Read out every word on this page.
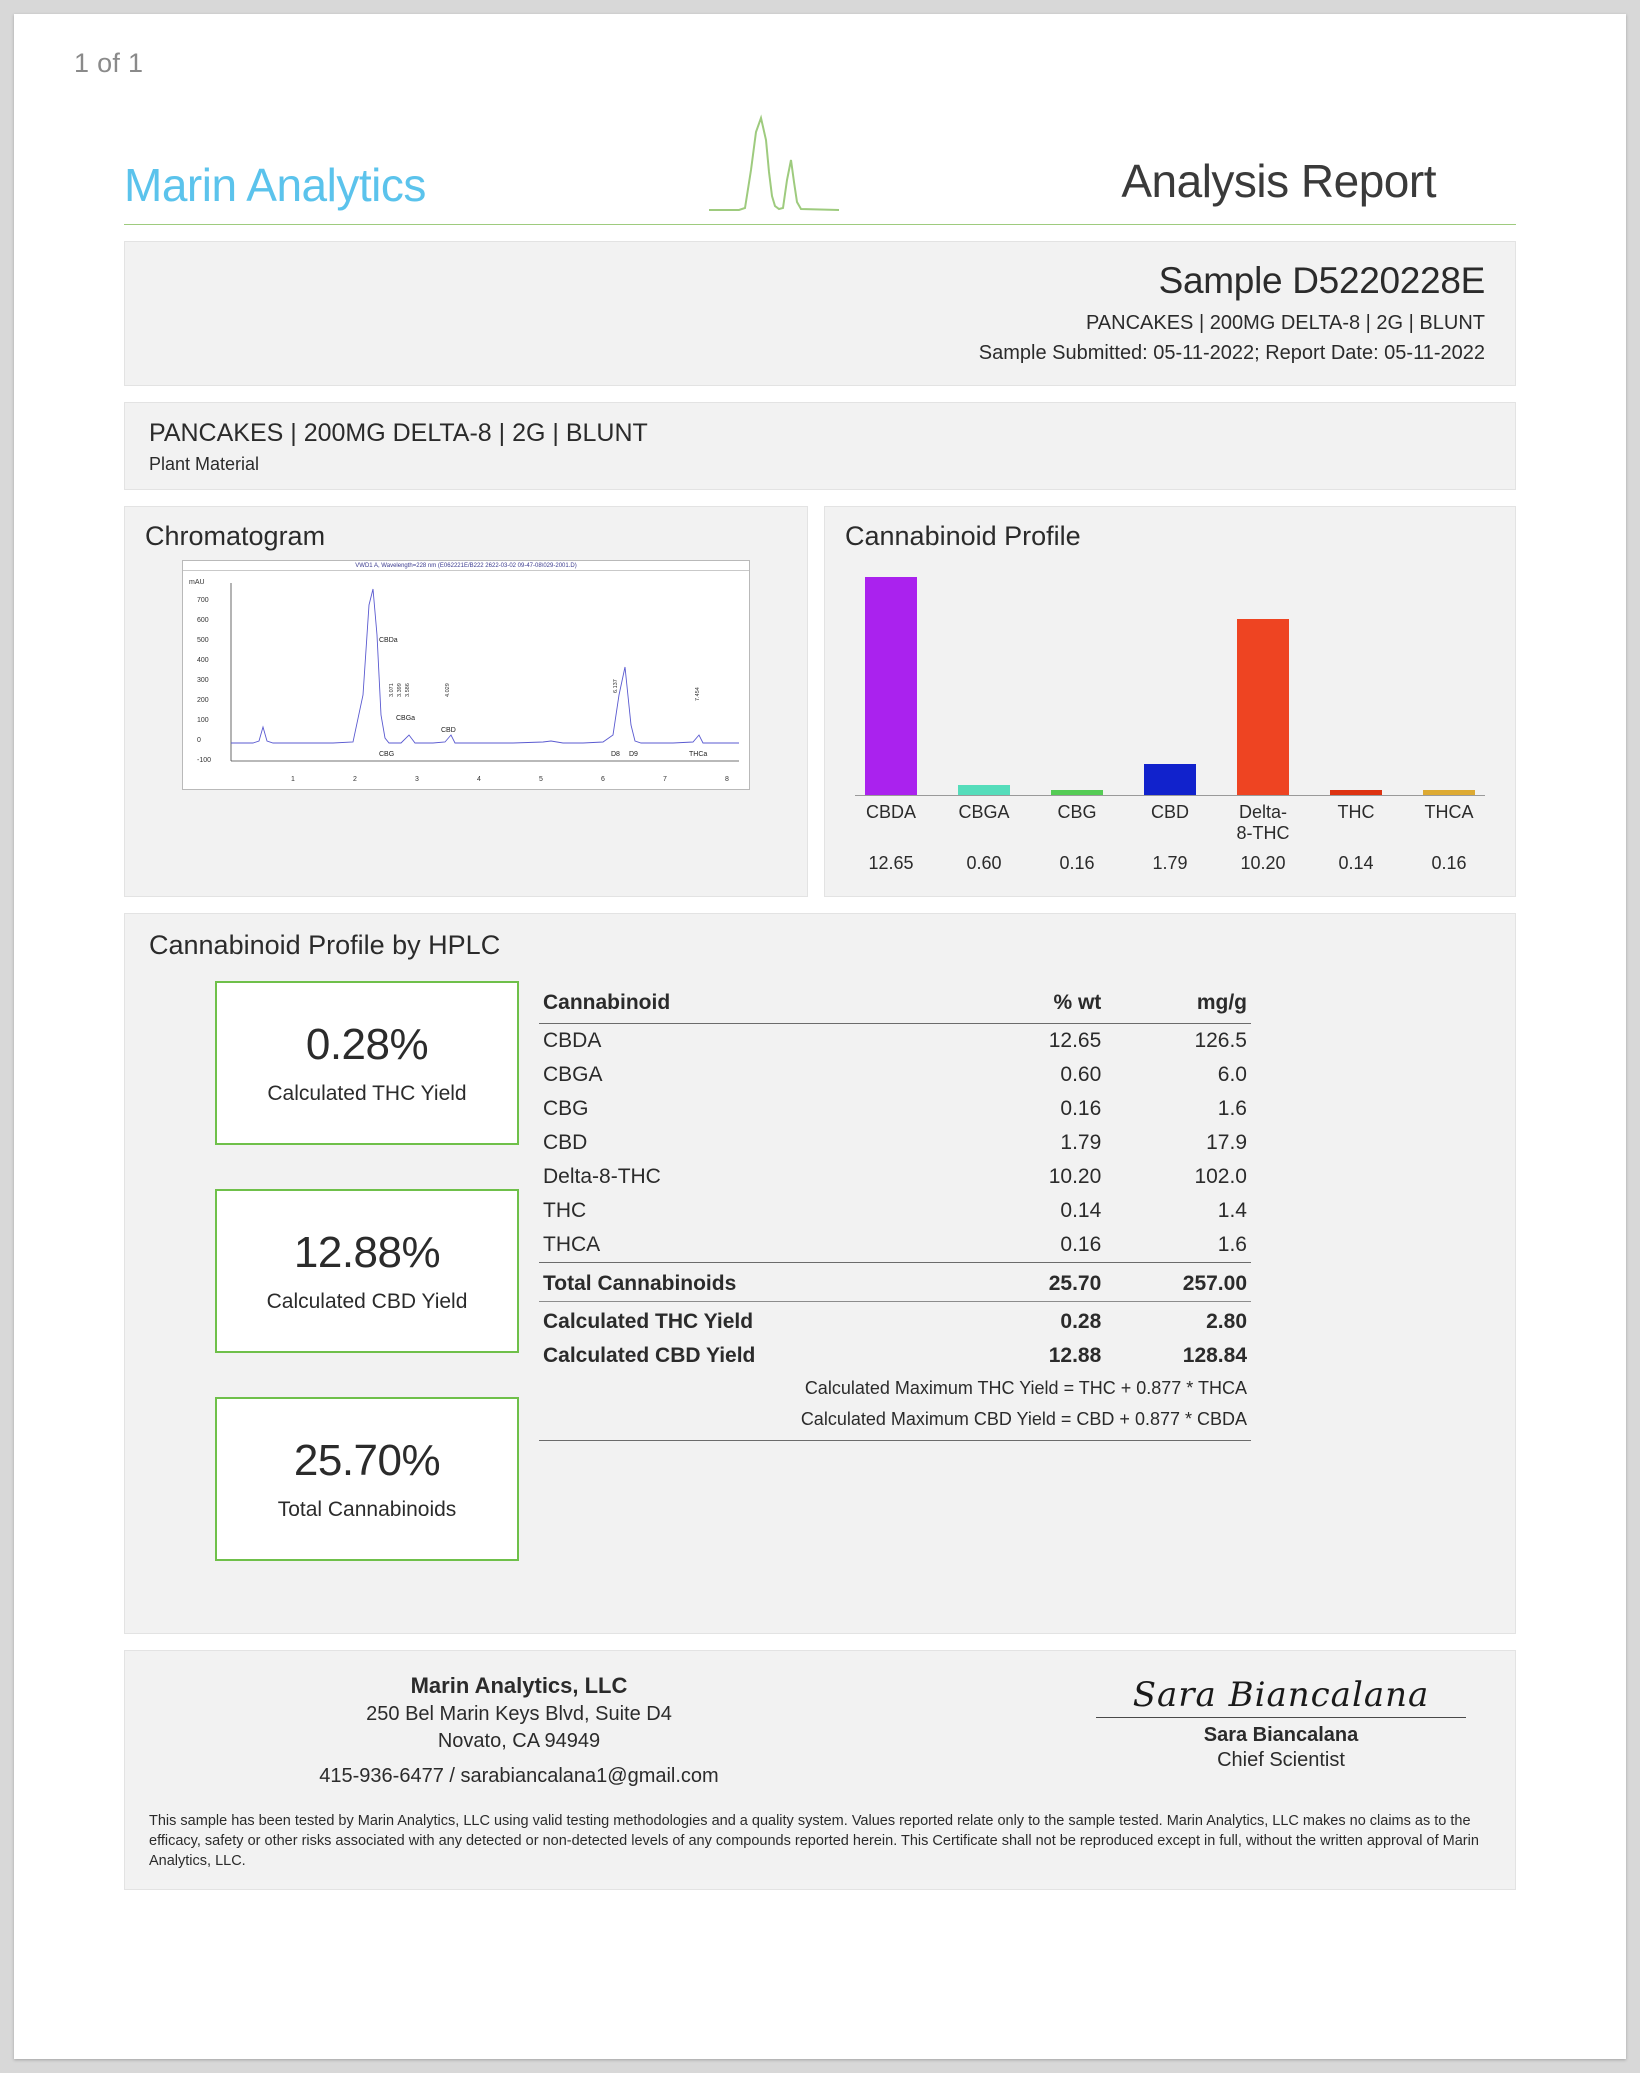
1 of 1
Marin Analytics	Analysis Report
Sample D5220228E
PANCAKES | 200MG DELTA-8 | 2G | BLUNT
Sample Submitted: 05-11-2022; Report Date: 05-11-2022
PANCAKES | 200MG DELTA-8 | 2G | BLUNT
Plant Material
Chromatogram
VWD1 A, Wavelength=228 nm (E062221E/B222 2622-03-02 09-47-08\029-2001.D)
mAU
700
600
500
400
300
200
100
0
-100
CBDa
CBGa
CBD
CBG	D8 D9	THCa
3.071 3.399 3.586	4.029	6.137
7.454
1	2	3	4	5	6	7	8
Cannabinoid Profile
CBDA CBGA	CBG	CBD	Delta-8-THC
THC	THCA
12.65	0.60	0.16	1.79	10.20	0.14	0.16
Cannabinoid Profile by HPLC
0.28%
Calculated THC Yield
12.88%
Calculated CBD Yield
25.70%
Total Cannabinoids
Cannabinoid	% wt	mg/g
CBDA	12.65	126.5
CBGA	0.60	6.0
CBG	0.16	1.6
CBD	1.79	17.9
Delta-8-THC	10.20	102.0
THC	0.14	1.4
THCA	0.16	1.6
Total Cannabinoids	25.70	257.00
Calculated THC Yield	0.28	2.80
Calculated CBD Yield	12.88	128.84
Calculated Maximum THC Yield = THC + 0.877 * THCA		
Calculated Maximum CBD Yield = CBD + 0.877 * CBDA		
Marin Analytics, LLC
250 Bel Marin Keys Blvd, Suite D4
Novato, CA 94949
415-936-6477 / sarabiancalana1@gmail.com
Sara Biancalana
Sara Biancalana
Chief Scientist
This sample has been tested by Marin Analytics, LLC using valid testing methodologies and a quality system. Values reported relate only to the sample tested. Marin Analytics, LLC makes no claims as to the efficacy, safety or other risks associated with any detected or non-detected levels of any compounds reported herein. This Certificate shall not be reproduced except in full, without the written approval of Marin Analytics, LLC.
